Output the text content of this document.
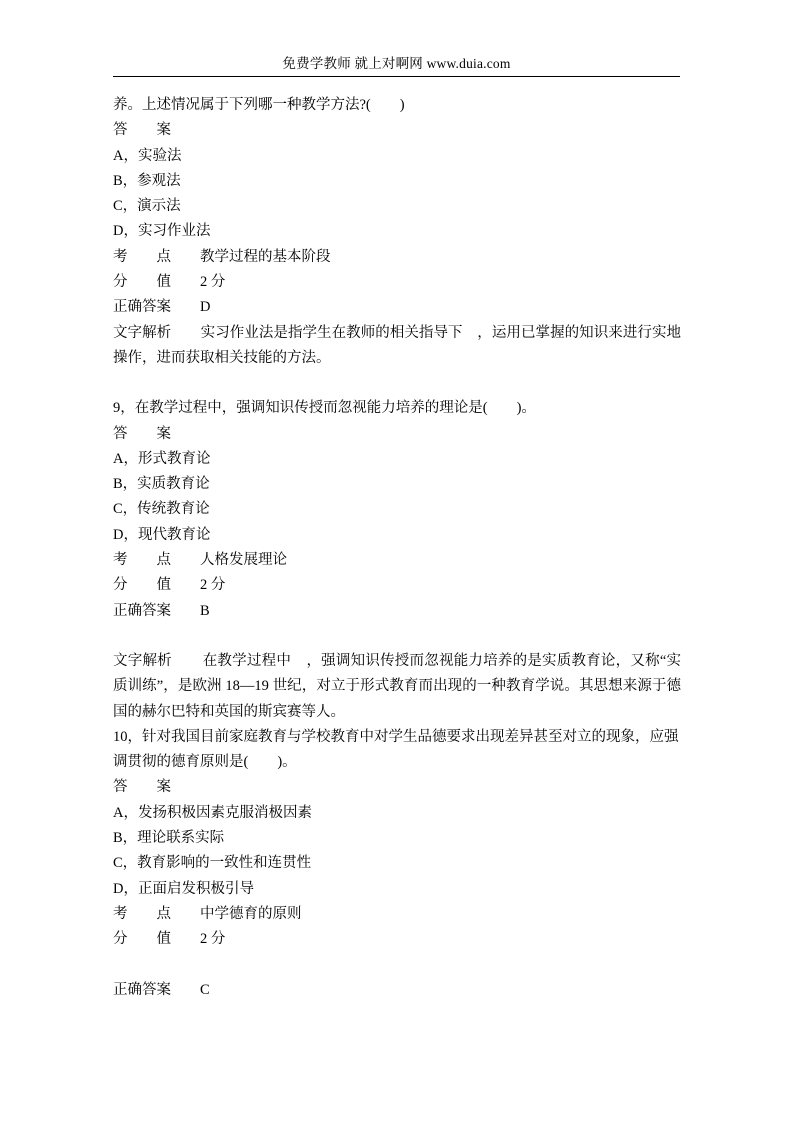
免费学教师 就上对啊网 www.duia.com
养。上述情况属于下列哪一种教学方法?(        )
答        案
A，实验法
B，参观法
C，演示法
D，实习作业法
考        点        教学过程的基本阶段
分        值        2 分
正确答案        D
文字解析        实习作业法是指学生在教师的相关指导下    ，运用已掌握的知识来进行实地操作，进而获取相关技能的方法。
9，在教学过程中，强调知识传授而忽视能力培养的理论是(        )。
答        案
A，形式教育论
B，实质教育论
C，传统教育论
D，现代教育论
考        点        人格发展理论
分        值        2 分
正确答案        B
文字解析        在教学过程中    ，强调知识传授而忽视能力培养的是实质教育论，又称“实质训练”，是欧洲 18—19 世纪，对立于形式教育而出现的一种教育学说。其思想来源于德国的赫尔巴特和英国的斯宾赛等人。
10，针对我国目前家庭教育与学校教育中对学生品德要求出现差异甚至对立的现象，应强调贯彻的德育原则是(        )。
答        案
A，发扬积极因素克服消极因素
B，理论联系实际
C，教育影响的一致性和连贯性
D，正面启发积极引导
考        点        中学德育的原则
分        值        2 分
正确答案        C
